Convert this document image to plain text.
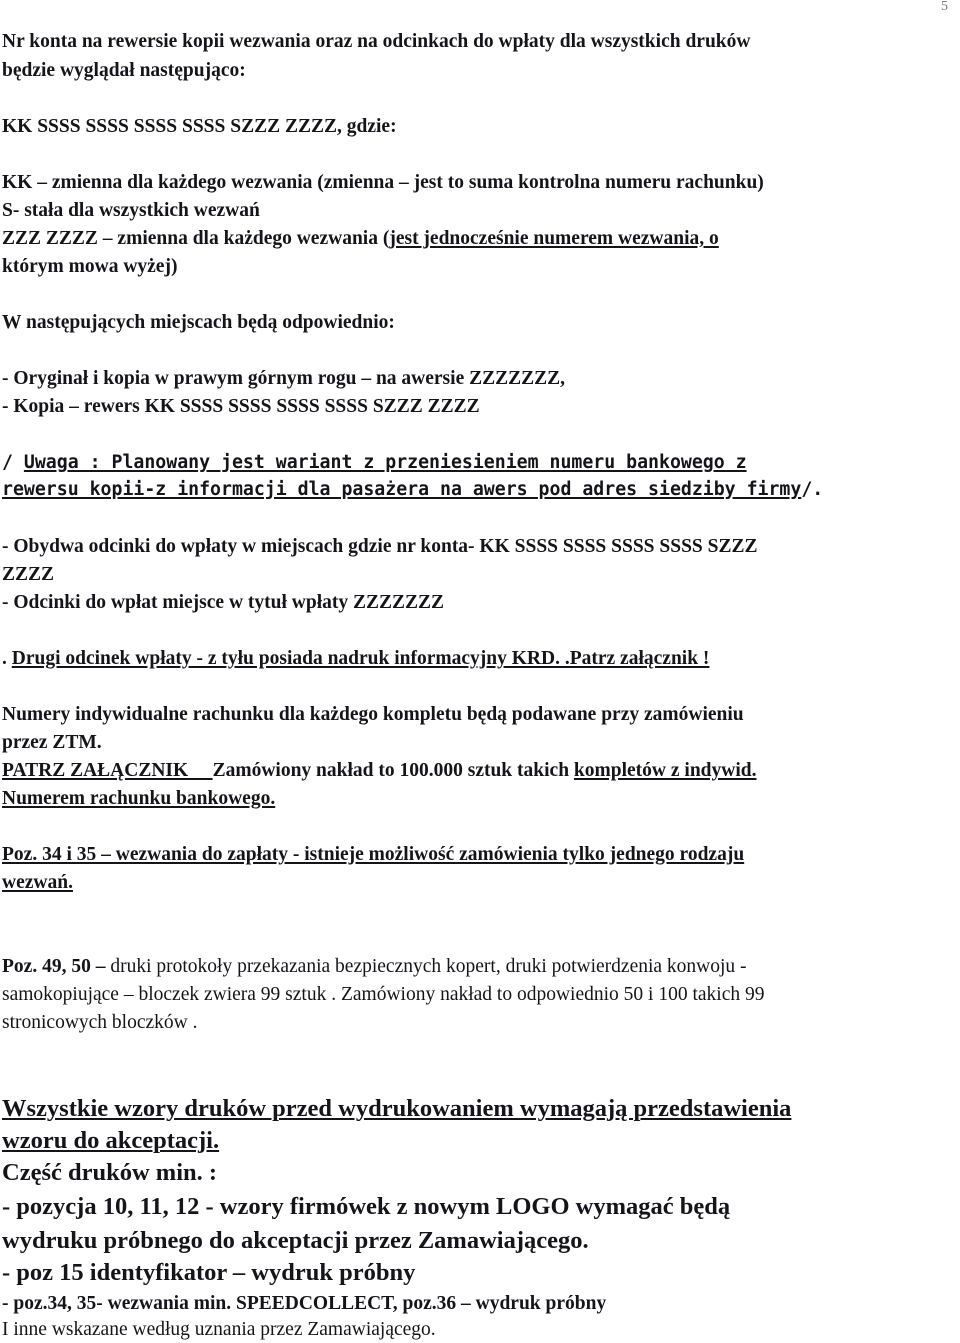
5
Nr konta na rewersie kopii wezwania oraz na odcinkach do wpłaty dla wszystkich druków
będzie wyglądał następująco:
KK SSSS SSSS SSSS SSSS SZZZ ZZZZ, gdzie:
KK – zmienna dla każdego wezwania (zmienna – jest to suma kontrolna numeru rachunku)
S- stała dla wszystkich wezwań
ZZZ ZZZZ – zmienna dla każdego wezwania (jest jednocześnie numerem wezwania, o
którym mowa wyżej)
W następujących miejscach będą odpowiednio:
- Oryginał i kopia w prawym górnym rogu – na awersie ZZZZZZZ,
- Kopia – rewers KK SSSS SSSS SSSS SSSS SZZZ ZZZZ
/ Uwaga : Planowany jest wariant z przeniesieniem numeru bankowego z
rewersu kopii-z informacji dla pasażera na awers pod adres siedziby firmy/.
- Obydwa odcinki do wpłaty w miejscach gdzie nr konta- KK SSSS SSSS SSSS SSSS SZZZ
ZZZZ
- Odcinki do wpłat miejsce w tytuł wpłaty ZZZZZZZ
. Drugi odcinek wpłaty - z tyłu posiada nadruk informacyjny KRD. .Patrz załącznik !
Numery indywidualne rachunku dla każdego kompletu będą podawane przy zamówieniu
przez ZTM.
PATRZ ZAŁĄCZNIK     Zamówiony nakład to 100.000 sztuk takich kompletów z indywid.
Numerem rachunku bankowego.
Poz. 34 i 35 – wezwania do zapłaty - istnieje możliwość zamówienia tylko jednego rodzaju
wezwań.
Poz. 49, 50 – druki protokoły przekazania bezpiecznych kopert, druki potwierdzenia konwoju -
samokopiujące – bloczek zwiera 99 sztuk . Zamówiony nakład to odpowiednio 50 i 100 takich 99
stronicowych bloczków .
Wszystkie wzory druków przed wydrukowaniem wymagają przedstawienia
wzoru do akceptacji.
Część druków min. :
- pozycja 10, 11, 12 - wzory firmówek z nowym LOGO wymagać będą
wydruku próbnego do akceptacji przez Zamawiającego.
- poz 15 identyfikator – wydruk próbny
- poz.34, 35- wezwania min. SPEEDCOLLECT, poz.36 – wydruk próbny
I inne wskazane według uznania przez Zamawiającego.
